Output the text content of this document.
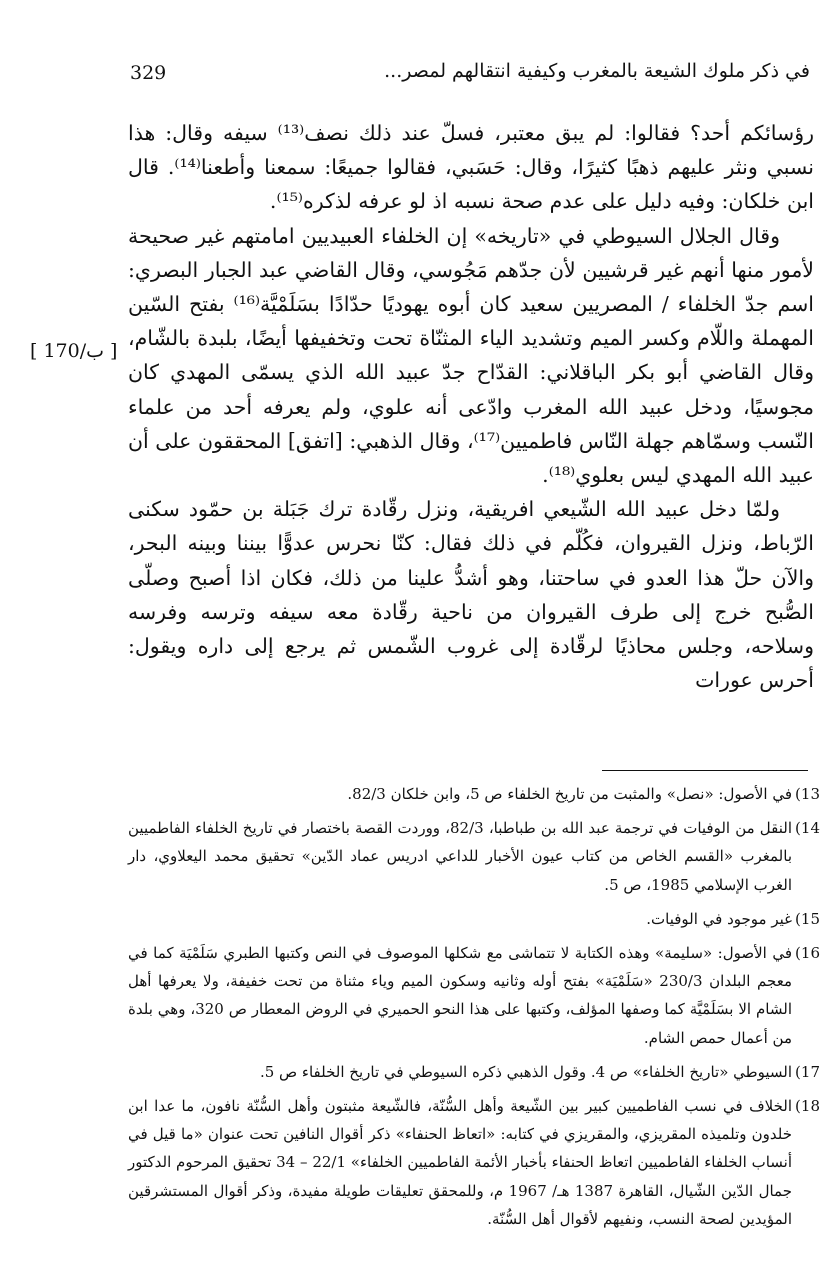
329	في ذكر ملوك الشيعة بالمغرب وكيفية انتقالهم لمصر...
[ 170/ب ]

رؤسائكم أحد؟ فقالوا: لم يبق معتبر، فسلّ عند ذلك نصف⁽¹³⁾ سيفه وقال: هذا نسبي ونثر عليهم ذهبًا كثيرًا، وقال: حَسَبي، فقالوا جميعًا: سمعنا وأطعنا⁽¹⁴⁾. قال ابن خلكان: وفيه دليل على عدم صحة نسبه اذ لو عرفه لذكره⁽¹⁵⁾.

وقال الجلال السيوطي في «تاريخه» إن الخلفاء العبيديين امامتهم غير صحيحة لأمور منها أنهم غير قرشيين لأن جدّهم مَجُوسي، وقال القاضي عبد الجبار البصري: اسم جدّ الخلفاء / المصريين سعيد كان أبوه يهوديًا حدّادًا بسَلَمْيَّة⁽¹⁶⁾ بفتح السّين المهملة واللّام وكسر الميم وتشديد الياء المثنّاة تحت وتخفيفها أيضًا، بلبدة بالشّام، وقال القاضي أبو بكر الباقلاني: القدّاح جدّ عبيد الله الذي يسمّى المهدي كان مجوسيًا، ودخل عبيد الله المغرب وادّعى أنه علوي، ولم يعرفه أحد من علماء النّسب وسمّاهم جهلة النّاس فاطميين⁽¹⁷⁾، وقال الذهبي: [اتفق] المحققون على أن عبيد الله المهدي ليس بعلوي⁽¹⁸⁾.

ولمّا دخل عبيد الله الشّيعي افريقية، ونزل رقّادة ترك جَبَلة بن حمّود سكنى الرّباط، ونزل القيروان، فكُلّم في ذلك فقال: كنّا نحرس عدوًّا بيننا وبينه البحر، والآن حلّ هذا العدو في ساحتنا، وهو أشدُّ علينا من ذلك، فكان اذا أصبح وصلّى الصُّبح خرج إلى طرف القيروان من ناحية رقّادة معه سيفه وترسه وفرسه وسلاحه، وجلس محاذيًا لرقّادة إلى غروب الشّمس ثم يرجع إلى داره ويقول: أحرس عورات

13)
في الأصول: «نصل» والمثبت من تاريخ الخلفاء ص 5، وابن خلكان 82/3.
14)
النقل من الوفيات في ترجمة عبد الله بن طباطبا، 82/3، ووردت القصة باختصار في تاريخ الخلفاء الفاطميين بالمغرب «القسم الخاص من كتاب عيون الأخبار للداعي ادريس عماد الدّين» تحقيق محمد اليعلاوي، دار الغرب الإسلامي 1985، ص 5.
15)
غير موجود في الوفيات.
16)
في الأصول: «سليمة» وهذه الكتابة لا تتماشى مع شكلها الموصوف في النص وكتبها الطبري سَلَمْيَة كما في معجم البلدان 230/3 «سَلَمْيَة» بفتح أوله وثانيه وسكون الميم وياء مثناة من تحت خفيفة، ولا يعرفها أهل الشام الا بسَلَمْيَّة كما وصفها المؤلف، وكتبها على هذا النحو الحميري في الروض المعطار ص 320، وهي بلدة من أعمال حمص الشام.
17)
السيوطي «تاريخ الخلفاء» ص 4. وقول الذهبي ذكره السيوطي في تاريخ الخلفاء ص 5.
18)
الخلاف في نسب الفاطميين كبير بين الشّيعة وأهل السُّنّة، فالشّيعة مثبتون وأهل السُّنّة نافون، ما عدا ابن خلدون وتلميذه المقريزي، والمقريزي في كتابه: «اتعاظ الحنفاء» ذكر أقوال النافين تحت عنوان «ما قيل في أنساب الخلفاء الفاطميين اتعاظ الحنفاء بأخبار الأئمة الفاطميين الخلفاء» 22/1 – 34 تحقيق المرحوم الدكتور جمال الدّين الشّيال، القاهرة 1387 هـ/ 1967 م، وللمحقق تعليقات طويلة مفيدة، وذكر أقوال المستشرقين المؤيدين لصحة النسب، ونفيهم لأقوال أهل السُّنّة.
